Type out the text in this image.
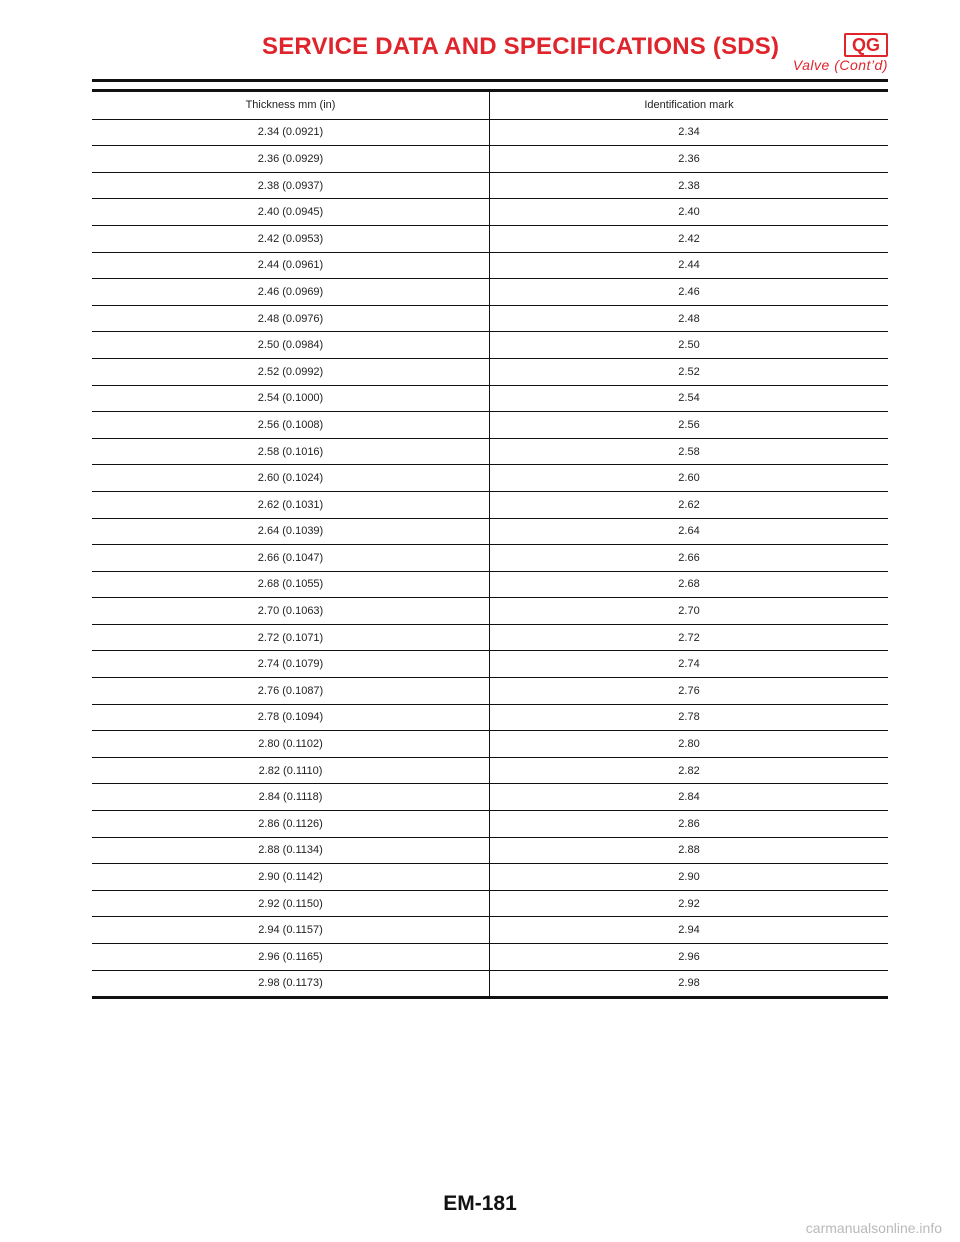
SERVICE DATA AND SPECIFICATIONS (SDS)	QG
Valve (Cont’d)
Thickness mm (in)	Identification mark
2.34 (0.0921)	2.34
2.36 (0.0929)	2.36
2.38 (0.0937)	2.38
2.40 (0.0945)	2.40
2.42 (0.0953)	2.42
2.44 (0.0961)	2.44
2.46 (0.0969)	2.46
2.48 (0.0976)	2.48
2.50 (0.0984)	2.50
2.52 (0.0992)	2.52
2.54 (0.1000)	2.54
2.56 (0.1008)	2.56
2.58 (0.1016)	2.58
2.60 (0.1024)	2.60
2.62 (0.1031)	2.62
2.64 (0.1039)	2.64
2.66 (0.1047)	2.66
2.68 (0.1055)	2.68
2.70 (0.1063)	2.70
2.72 (0.1071)	2.72
2.74 (0.1079)	2.74
2.76 (0.1087)	2.76
2.78 (0.1094)	2.78
2.80 (0.1102)	2.80
2.82 (0.1110)	2.82
2.84 (0.1118)	2.84
2.86 (0.1126)	2.86
2.88 (0.1134)	2.88
2.90 (0.1142)	2.90
2.92 (0.1150)	2.92
2.94 (0.1157)	2.94
2.96 (0.1165)	2.96
2.98 (0.1173)	2.98
EM-181
carmanualsonline.info
